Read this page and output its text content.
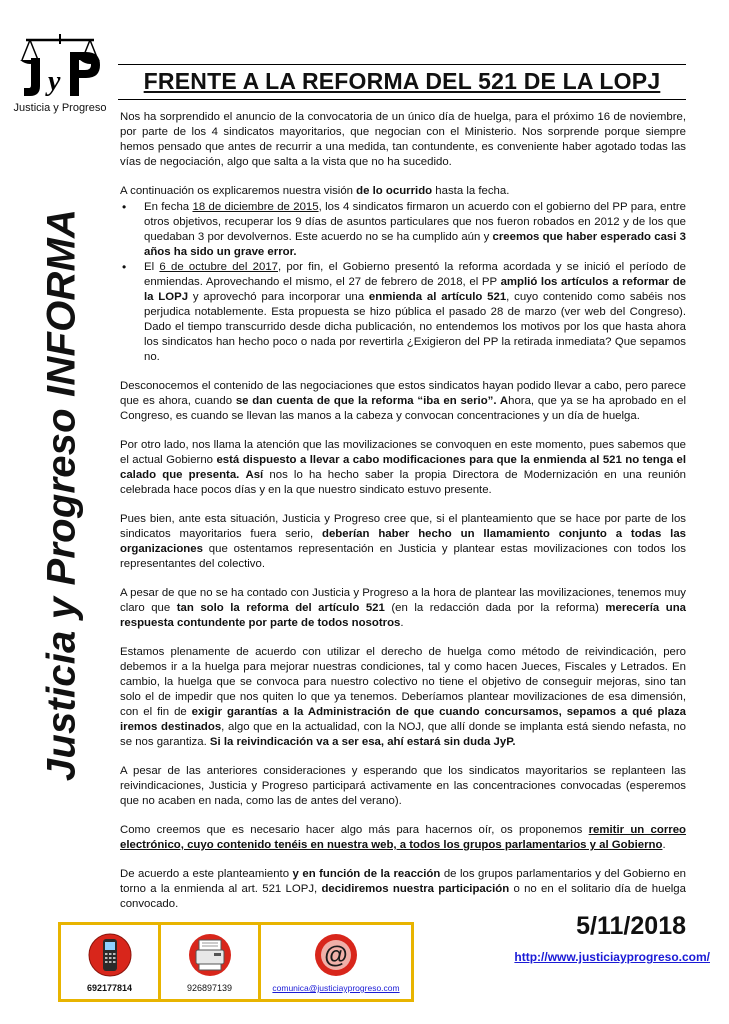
y
Justicia y Progreso
Justicia y Progreso INFORMA
FRENTE A LA REFORMA DEL 521 DE LA LOPJ

Nos ha sorprendido el anuncio de la convocatoria de un único día de huelga, para el próximo 16 de noviembre, por parte de los 4 sindicatos mayoritarios, que negocian con el Ministerio. Nos sorprende porque siempre hemos pensado que antes de recurrir a una medida, tan contundente, es conveniente haber agotado todas las vías de negociación, algo que salta a la vista que no ha sucedido.

A continuación os explicaremos nuestra visión de lo ocurrido hasta la fecha.

• En fecha 18 de diciembre de 2015, los 4 sindicatos firmaron un acuerdo con el gobierno del PP para, entre otros objetivos, recuperar los 9 días de asuntos particulares que nos fueron robados en 2012 y de los que quedaban 3 por devolvernos. Este acuerdo no se ha cumplido aún y creemos que haber esperado casi 3 años ha sido un grave error.
• El 6 de octubre del 2017, por fin, el Gobierno presentó la reforma acordada y se inició el período de enmiendas. Aprovechando el mismo, el 27 de febrero de 2018, el PP amplió los artículos a reformar de la LOPJ y aprovechó para incorporar una enmienda al artículo 521, cuyo contenido como sabéis nos perjudica notablemente. Esta propuesta se hizo pública el pasado 28 de marzo (ver web del Congreso). Dado el tiempo transcurrido desde dicha publicación, no entendemos los motivos por los que hasta ahora los sindicatos han hecho poco o nada por revertirla ¿Exigieron del PP la retirada inmediata? Que sepamos no.

Desconocemos el contenido de las negociaciones que estos sindicatos hayan podido llevar a cabo, pero parece que es ahora, cuando se dan cuenta de que la reforma “iba en serio”. Ahora, que ya se ha aprobado en el Congreso, es cuando se llevan las manos a la cabeza y convocan concentraciones y un día de huelga.

Por otro lado, nos llama la atención que las movilizaciones se convoquen en este momento, pues sabemos que el actual Gobierno está dispuesto a llevar a cabo modificaciones para que la enmienda al 521 no tenga el calado que presenta. Así nos lo ha hecho saber la propia Directora de Modernización en una reunión celebrada hace pocos días y en la que nuestro sindicato estuvo presente.

Pues bien, ante esta situación, Justicia y Progreso cree que, si el planteamiento que se hace por parte de los sindicatos mayoritarios fuera serio, deberían haber hecho un llamamiento conjunto a todas las organizaciones que ostentamos representación en Justicia y plantear estas movilizaciones con todos los representantes del colectivo.

A pesar de que no se ha contado con Justicia y Progreso a la hora de plantear las movilizaciones, tenemos muy claro que tan solo la reforma del artículo 521 (en la redacción dada por la reforma) merecería una respuesta contundente por parte de todos nosotros.

Estamos plenamente de acuerdo con utilizar el derecho de huelga como método de reivindicación, pero debemos ir a la huelga para mejorar nuestras condiciones, tal y como hacen Jueces, Fiscales y Letrados. En cambio, la huelga que se convoca para nuestro colectivo no tiene el objetivo de conseguir mejoras, sino tan solo el de impedir que nos quiten lo que ya tenemos. Deberíamos plantear movilizaciones de esa dimensión, con el fin de exigir garantías a la Administración de que cuando concursamos, sepamos a qué plaza iremos destinados, algo que en la actualidad, con la NOJ, que allí donde se implanta está siendo nefasta, no se nos garantiza. Si la reivindicación va a ser esa, ahí estará sin duda JyP.

A pesar de las anteriores consideraciones y esperando que los sindicatos mayoritarios se replanteen las reivindicaciones, Justicia y Progreso participará activamente en las concentraciones convocadas (esperemos que no acaben en nada, como las de antes del verano).

Como creemos que es necesario hacer algo más para hacernos oír, os proponemos remitir un correo electrónico, cuyo contenido tenéis en nuestra web, a todos los grupos parlamentarios y al Gobierno.

De acuerdo a este planteamiento y en función de la reacción de los grupos parlamentarios y del Gobierno en torno a la enmienda al art. 521 LOPJ, decidiremos nuestra participación o no en el solitario día de huelga convocado.

5/11/2018
http://www.justiciayprogreso.com/
692177814	926897139
@
comunica@justiciayprogreso.com
